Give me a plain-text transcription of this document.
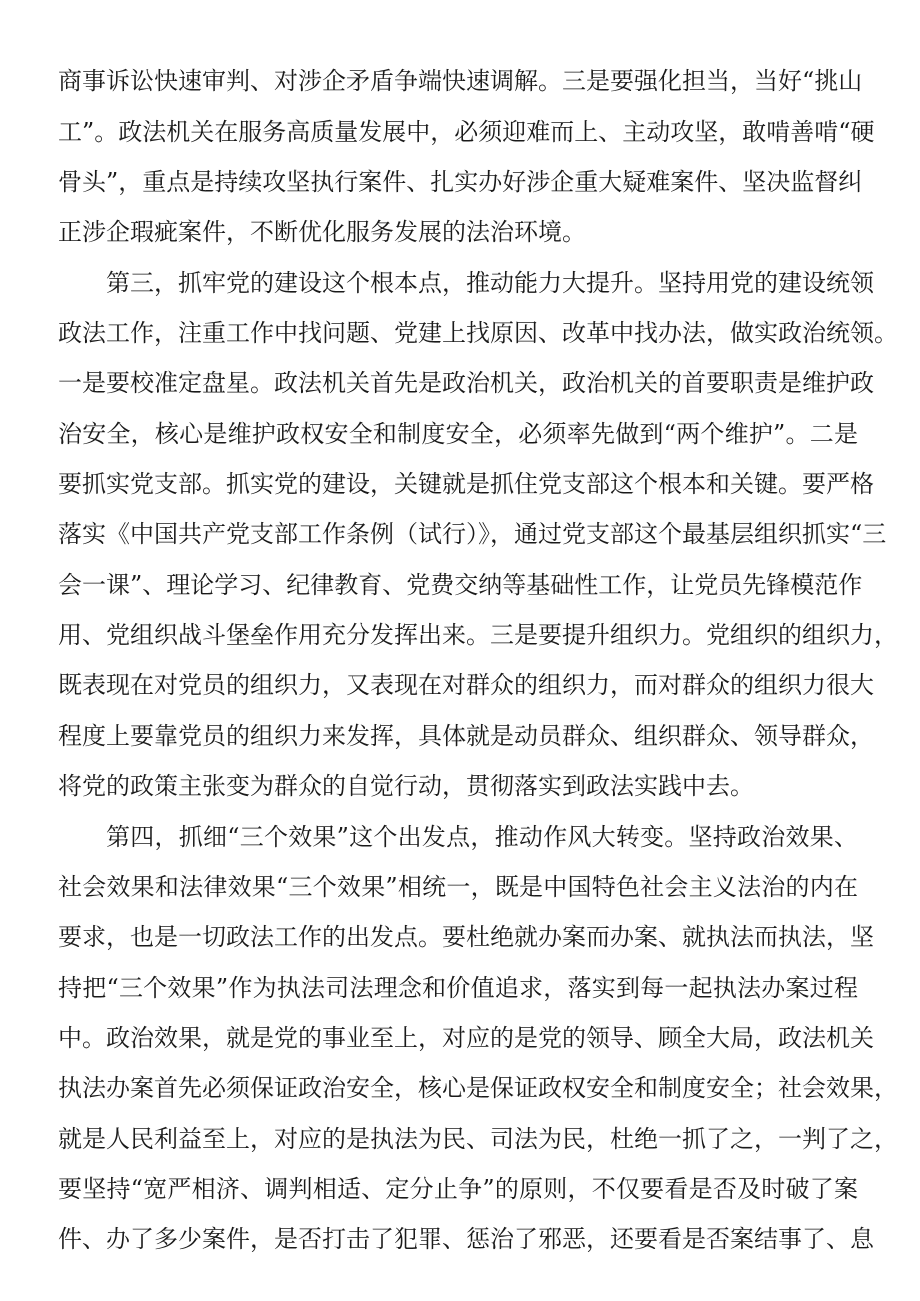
商事诉讼快速审判、对涉企矛盾争端快速调解。三是要强化担当，当好“挑山
工”。政法机关在服务高质量发展中，必须迎难而上、主动攻坚，敢啃善啃“硬
骨头”，重点是持续攻坚执行案件、扎实办好涉企重大疑难案件、坚决监督纠
正涉企瑕疵案件，不断优化服务发展的法治环境。
第三，抓牢党的建设这个根本点，推动能力大提升。坚持用党的建设统领
政法工作，注重工作中找问题、党建上找原因、改革中找办法，做实政治统领。
一是要校准定盘星。政法机关首先是政治机关，政治机关的首要职责是维护政
治安全，核心是维护政权安全和制度安全，必须率先做到“两个维护”。二是
要抓实党支部。抓实党的建设，关键就是抓住党支部这个根本和关键。要严格
落实《中国共产党支部工作条例（试行）》，通过党支部这个最基层组织抓实“三
会一课”、理论学习、纪律教育、党费交纳等基础性工作，让党员先锋模范作
用、党组织战斗堡垒作用充分发挥出来。三是要提升组织力。党组织的组织力，
既表现在对党员的组织力，又表现在对群众的组织力，而对群众的组织力很大
程度上要靠党员的组织力来发挥，具体就是动员群众、组织群众、领导群众，
将党的政策主张变为群众的自觉行动，贯彻落实到政法实践中去。
第四，抓细“三个效果”这个出发点，推动作风大转变。坚持政治效果、
社会效果和法律效果“三个效果”相统一，既是中国特色社会主义法治的内在
要求，也是一切政法工作的出发点。要杜绝就办案而办案、就执法而执法，坚
持把“三个效果”作为执法司法理念和价值追求，落实到每一起执法办案过程
中。政治效果，就是党的事业至上，对应的是党的领导、顾全大局，政法机关
执法办案首先必须保证政治安全，核心是保证政权安全和制度安全；社会效果，
就是人民利益至上，对应的是执法为民、司法为民，杜绝一抓了之，一判了之，
要坚持“宽严相济、调判相适、定分止争”的原则，不仅要看是否及时破了案
件、办了多少案件，是否打击了犯罪、惩治了邪恶，还要看是否案结事了、息
